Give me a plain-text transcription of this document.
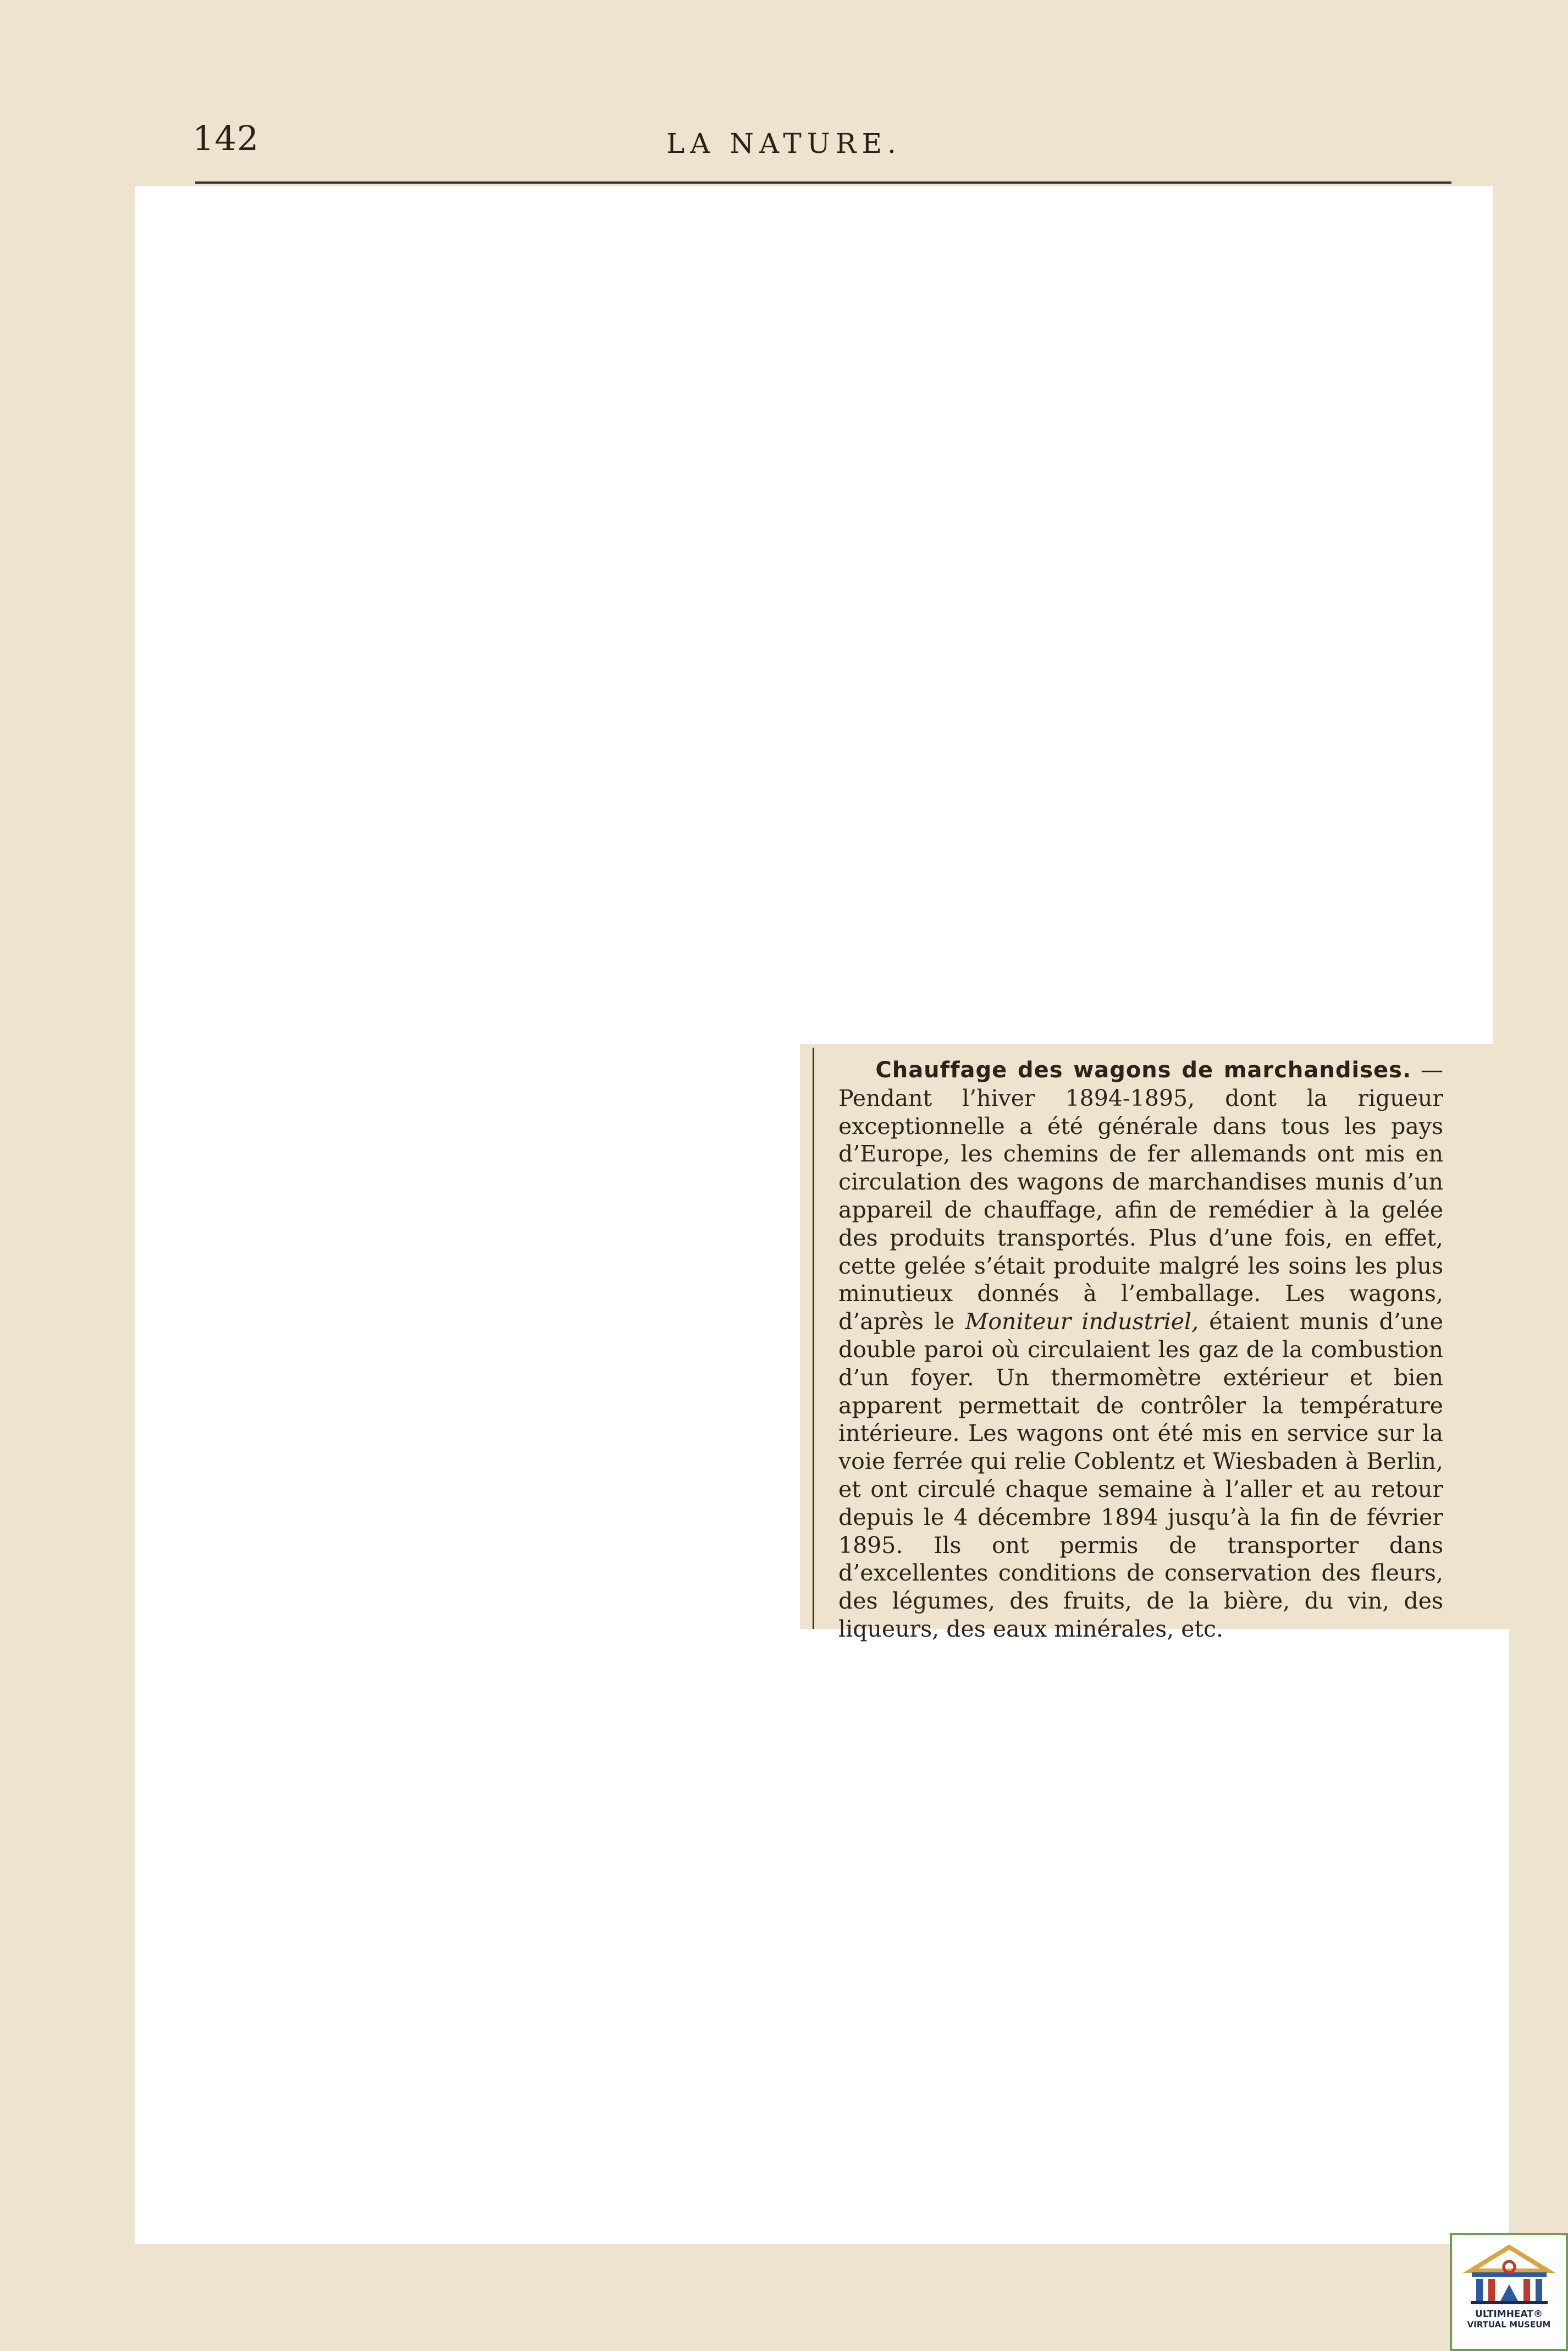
142	LA NATURE.
Chauffage des wagons de marchandises. — Pendant l’hiver 1894-1895, dont la rigueur exceptionnelle a été générale dans tous les pays d’Europe, les chemins de fer allemands ont mis en circulation des wagons de marchandises munis d’un appareil de chauffage, afin de remédier à la gelée des produits transportés. Plus d’une fois, en effet, cette gelée s’était produite malgré les soins les plus minutieux donnés à l’emballage. Les wagons, d’après le Moniteur industriel, étaient munis d’une double paroi où circulaient les gaz de la combustion d’un foyer. Un thermomètre extérieur et bien apparent permettait de contrôler la température intérieure. Les wagons ont été mis en service sur la voie ferrée qui relie Coblentz et Wiesbaden à Berlin, et ont circulé chaque semaine à l’aller et au retour depuis le 4 décembre 1894 jusqu’à la fin de février 1895. Ils ont permis de transporter dans d’excellentes conditions de conservation des fleurs, des légumes, des fruits, de la bière, du vin, des liqueurs, des eaux minérales, etc.
ULTIMHEAT®
VIRTUAL MUSEUM
